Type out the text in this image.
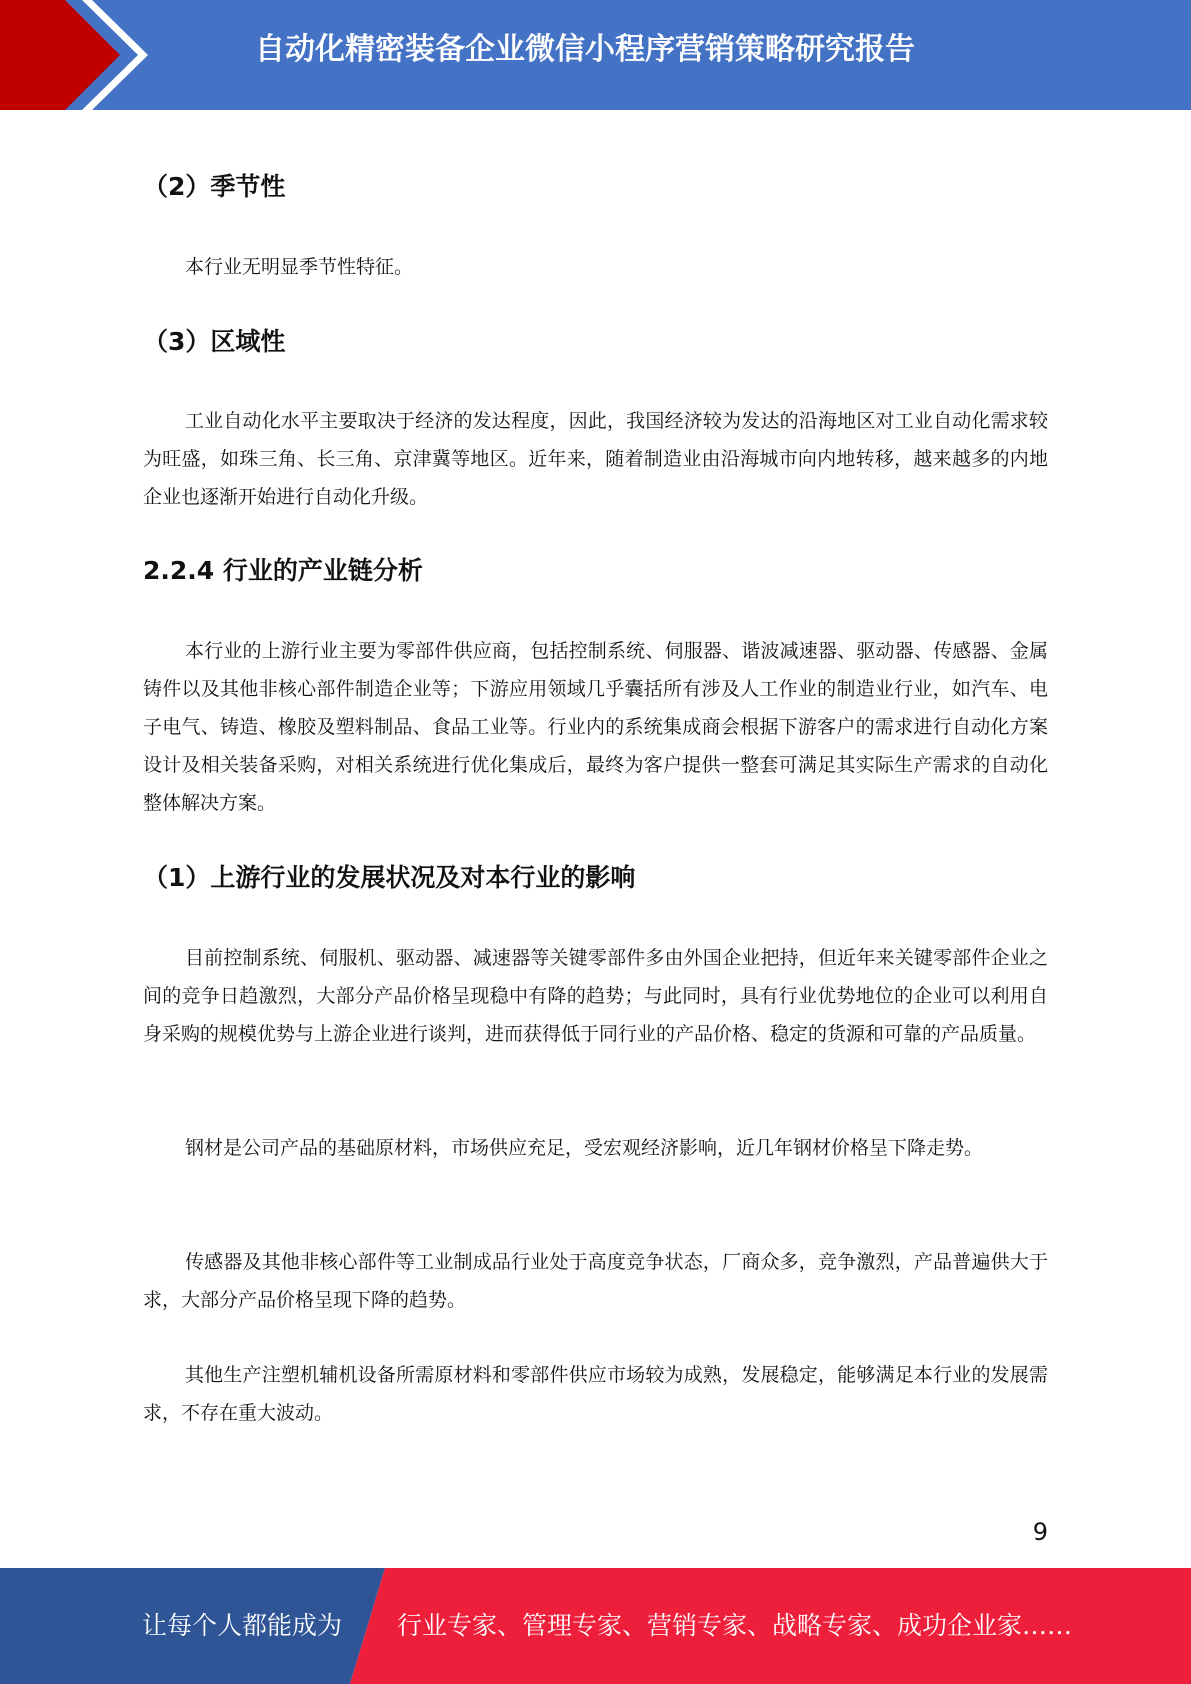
自动化精密装备企业微信小程序营销策略研究报告
（2）季节性

本行业无明显季节性特征。

（3）区域性

工业自动化水平主要取决于经济的发达程度，因此，我国经济较为发达的沿海地区对工业自动化需求较为旺盛，如珠三角、长三角、京津冀等地区。近年来，随着制造业由沿海城市向内地转移，越来越多的内地企业也逐渐开始进行自动化升级。

2.2.4 行业的产业链分析

本行业的上游行业主要为零部件供应商，包括控制系统、伺服器、谐波减速器、驱动器、传感器、金属铸件以及其他非核心部件制造企业等；下游应用领域几乎囊括所有涉及人工作业的制造业行业，如汽车、电子电气、铸造、橡胶及塑料制品、食品工业等。行业内的系统集成商会根据下游客户的需求进行自动化方案设计及相关装备采购，对相关系统进行优化集成后，最终为客户提供一整套可满足其实际生产需求的自动化整体解决方案。

（1）上游行业的发展状况及对本行业的影响

目前控制系统、伺服机、驱动器、减速器等关键零部件多由外国企业把持，但近年来关键零部件企业之间的竞争日趋激烈，大部分产品价格呈现稳中有降的趋势；与此同时，具有行业优势地位的企业可以利用自身采购的规模优势与上游企业进行谈判，进而获得低于同行业的产品价格、稳定的货源和可靠的产品质量。

钢材是公司产品的基础原材料，市场供应充足，受宏观经济影响，近几年钢材价格呈下降走势。

传感器及其他非核心部件等工业制成品行业处于高度竞争状态，厂商众多，竞争激烈，产品普遍供大于求，大部分产品价格呈现下降的趋势。

其他生产注塑机辅机设备所需原材料和零部件供应市场较为成熟，发展稳定，能够满足本行业的发展需求，不存在重大波动。

9
让每个人都能成为 行业专家、管理专家、营销专家、战略专家、成功企业家……
